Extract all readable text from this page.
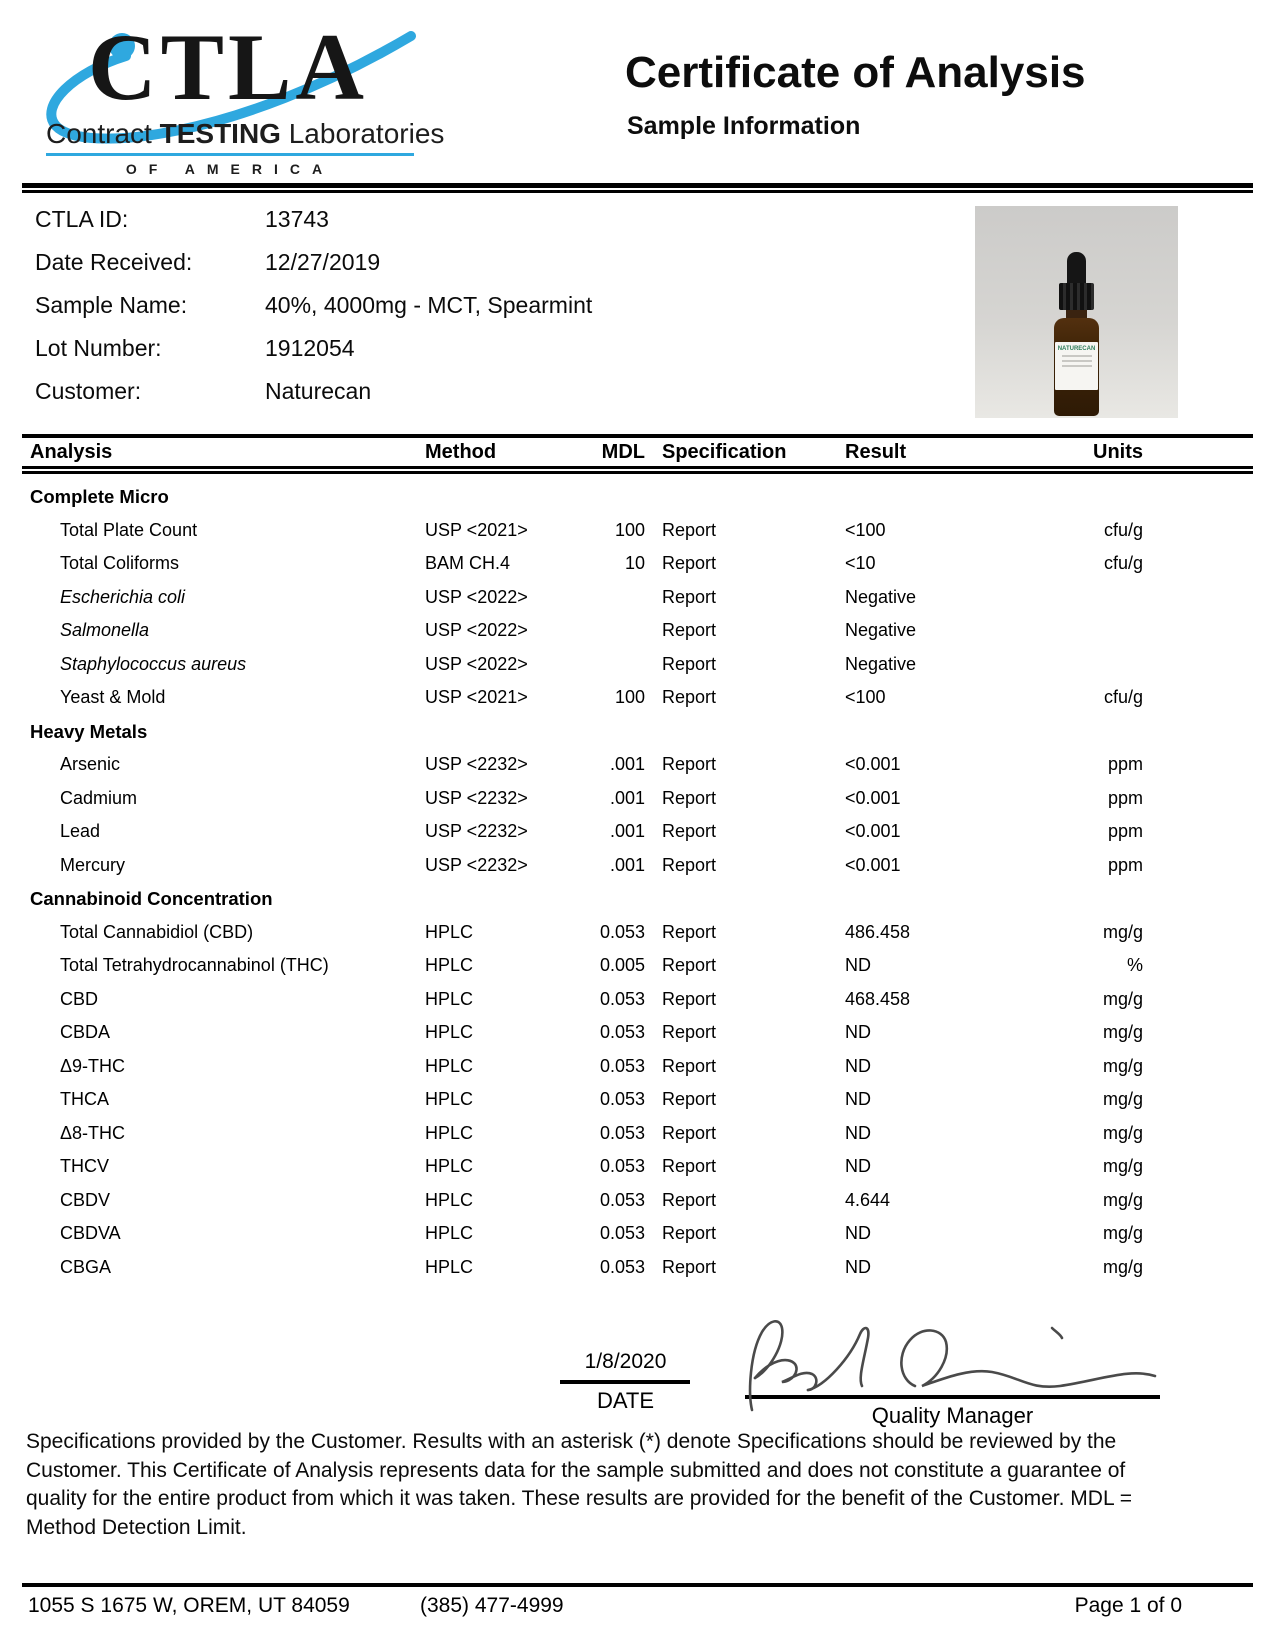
CTLA
Contract TESTING Laboratories
OF AMERICA
Certificate of Analysis
Sample Information
CTLA ID:	13743
Date Received:	12/27/2019
Sample Name:	40%, 4000mg - MCT, Spearmint
Lot Number:	1912054
Customer:	Naturecan
NATURECAN
Analysis	Method	MDL Specification	Result	Units
Complete Micro
Total Plate Count	USP <2021>	100 Report	<100	cfu/g
Total Coliforms	BAM CH.4	10 Report	<10	cfu/g
Escherichia coli	USP <2022>	Report	Negative
Salmonella	USP <2022>	Report	Negative
Staphylococcus aureus	USP <2022>	Report	Negative
Yeast & Mold	USP <2021>	100 Report	<100	cfu/g
Heavy Metals
Arsenic	USP <2232>	.001 Report	<0.001	ppm
Cadmium	USP <2232>	.001 Report	<0.001	ppm
Lead	USP <2232>	.001 Report	<0.001	ppm
Mercury	USP <2232>	.001 Report	<0.001	ppm
Cannabinoid Concentration
Total Cannabidiol (CBD)	HPLC	0.053 Report	486.458	mg/g
Total Tetrahydrocannabinol (THC)	HPLC	0.005 Report	ND	%
CBD	HPLC	0.053 Report	468.458	mg/g
CBDA	HPLC	0.053 Report	ND	mg/g
Δ9-THC	HPLC	0.053 Report	ND	mg/g
THCA	HPLC	0.053 Report	ND	mg/g
Δ8-THC	HPLC	0.053 Report	ND	mg/g
THCV	HPLC	0.053 Report	ND	mg/g
CBDV	HPLC	0.053 Report	4.644	mg/g
CBDVA	HPLC	0.053 Report	ND	mg/g
CBGA	HPLC	0.053 Report	ND	mg/g
1/8/2020
DATE
Quality Manager
Specifications provided by the Customer. Results with an asterisk (*) denote Specifications should be reviewed by the Customer. This Certificate of Analysis represents data for the sample submitted and does not constitute a guarantee of quality for the entire product from which it was taken. These results are provided for the benefit of the Customer. MDL = Method Detection Limit.
1055 S 1675 W, OREM, UT 84059	(385) 477-4999	Page 1 of 0
